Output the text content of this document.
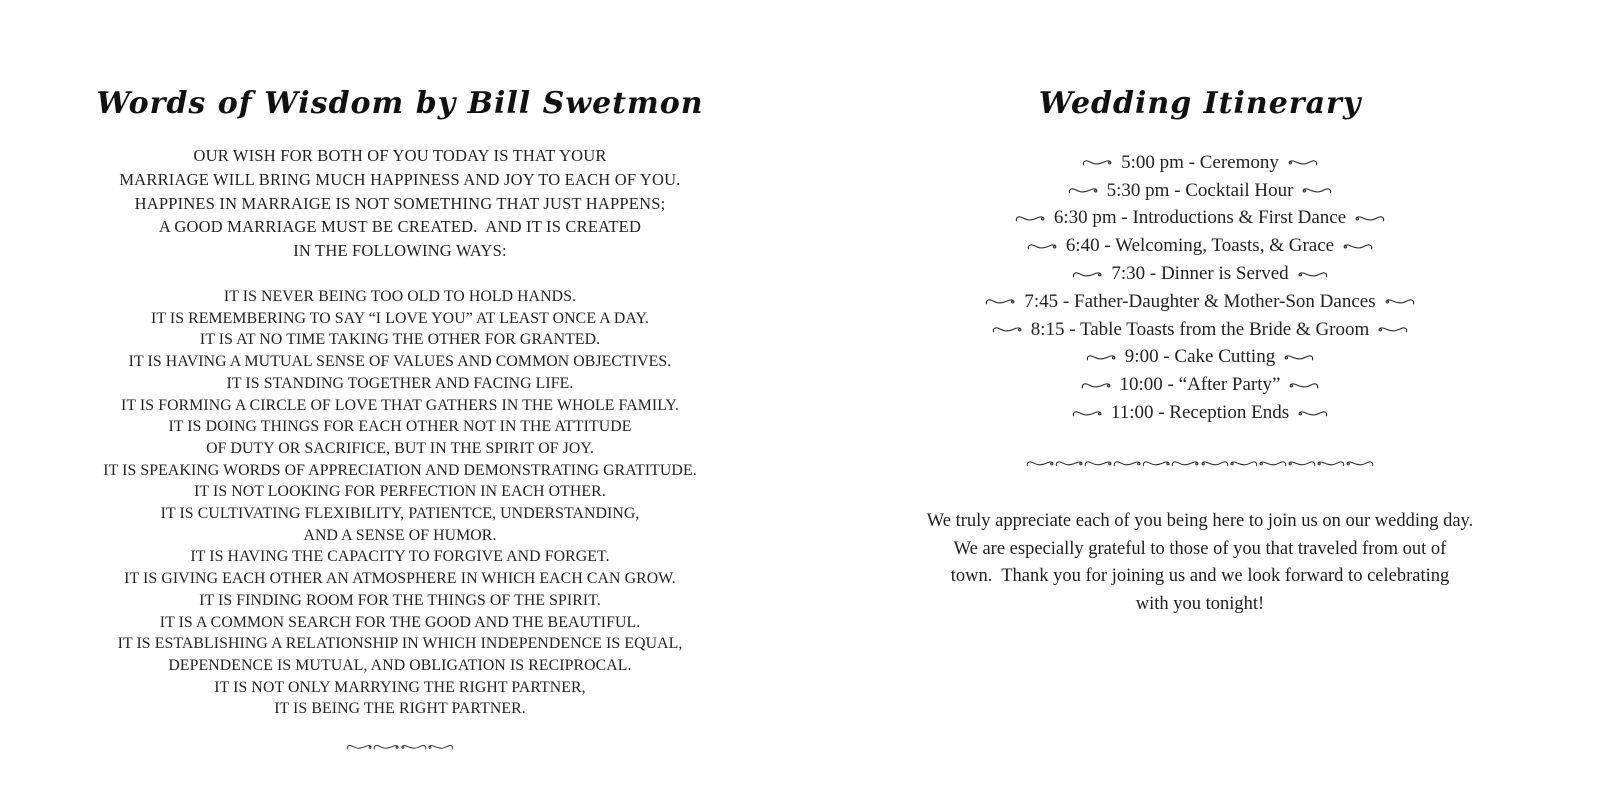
Words of Wisdom by Bill Swetmon
OUR WISH FOR BOTH OF YOU TODAY IS THAT YOUR
MARRIAGE WILL BRING MUCH HAPPINESS AND JOY TO EACH OF YOU.
HAPPINES IN MARRAIGE IS NOT SOMETHING THAT JUST HAPPENS;
A GOOD MARRIAGE MUST BE CREATED.  AND IT IS CREATED
IN THE FOLLOWING WAYS:
IT IS NEVER BEING TOO OLD TO HOLD HANDS.
IT IS REMEMBERING TO SAY “I LOVE YOU” AT LEAST ONCE A DAY.
IT IS AT NO TIME TAKING THE OTHER FOR GRANTED.
IT IS HAVING A MUTUAL SENSE OF VALUES AND COMMON OBJECTIVES.
IT IS STANDING TOGETHER AND FACING LIFE.
IT IS FORMING A CIRCLE OF LOVE THAT GATHERS IN THE WHOLE FAMILY.
IT IS DOING THINGS FOR EACH OTHER NOT IN THE ATTITUDE
OF DUTY OR SACRIFICE, BUT IN THE SPIRIT OF JOY.
IT IS SPEAKING WORDS OF APPRECIATION AND DEMONSTRATING GRATITUDE.
IT IS NOT LOOKING FOR PERFECTION IN EACH OTHER.
IT IS CULTIVATING FLEXIBILITY, PATIENTCE, UNDERSTANDING,
AND A SENSE OF HUMOR.
IT IS HAVING THE CAPACITY TO FORGIVE AND FORGET.
IT IS GIVING EACH OTHER AN ATMOSPHERE IN WHICH EACH CAN GROW.
IT IS FINDING ROOM FOR THE THINGS OF THE SPIRIT.
IT IS A COMMON SEARCH FOR THE GOOD AND THE BEAUTIFUL.
IT IS ESTABLISHING A RELATIONSHIP IN WHICH INDEPENDENCE IS EQUAL,
DEPENDENCE IS MUTUAL, AND OBLIGATION IS RECIPROCAL.
IT IS NOT ONLY MARRYING THE RIGHT PARTNER,
IT IS BEING THE RIGHT PARTNER.
Wedding Itinerary
5:00 pm - Ceremony
5:30 pm - Cocktail Hour
6:30 pm - Introductions & First Dance
6:40 - Welcoming, Toasts, & Grace
7:30 - Dinner is Served
7:45 - Father-Daughter & Mother-Son Dances
8:15 - Table Toasts from the Bride & Groom
9:00 - Cake Cutting
10:00 - “After Party”
11:00 - Reception Ends
We truly appreciate each of you being here to join us on our wedding day.
We are especially grateful to those of you that traveled from out of
town.  Thank you for joining us and we look forward to celebrating
with you tonight!
